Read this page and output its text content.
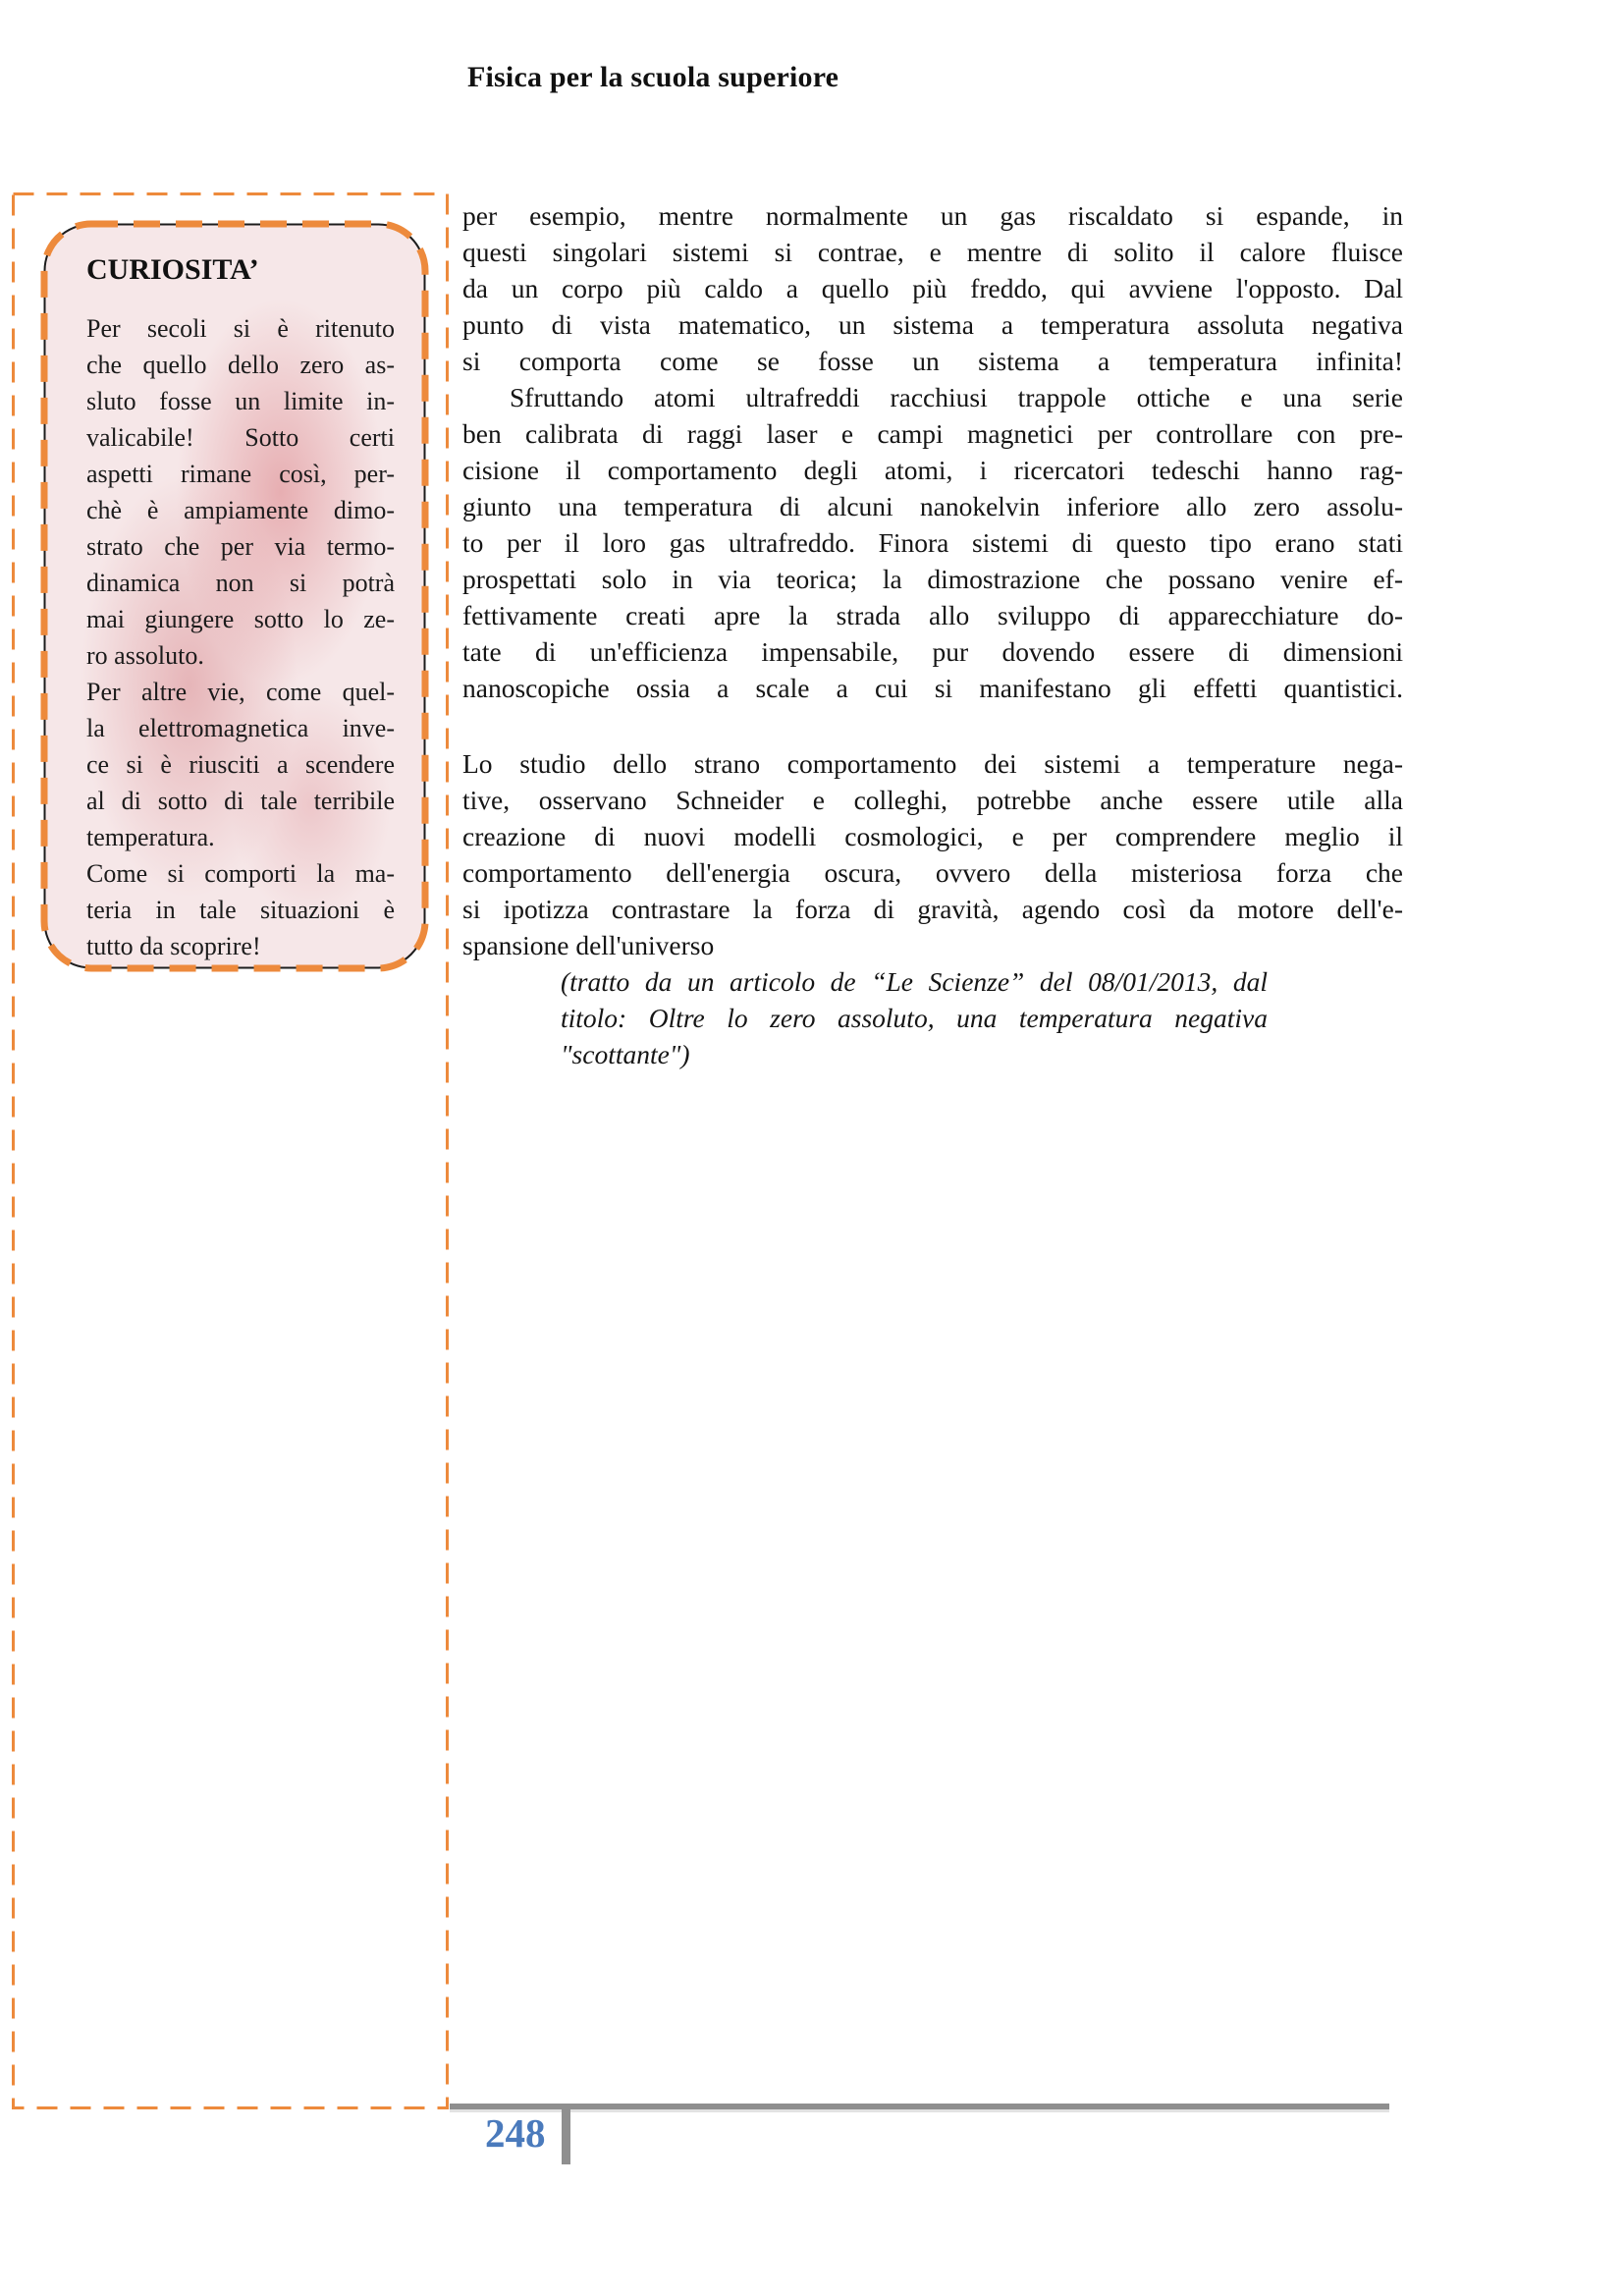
Fisica per la scuola superiore
CURIOSITA’
Per secoli si è ritenuto
che quello dello zero as-
sluto fosse un limite in-
valicabile! Sotto certi
aspetti rimane così, per-
chè è ampiamente dimo-
strato che per via termo-
dinamica non si potrà
mai giungere sotto lo ze-
ro assoluto.
Per altre vie, come quel-
la elettromagnetica inve-
ce si è riusciti a scendere
al di sotto di tale terribile
temperatura.
Come si comporti la ma-
teria in tale situazioni è
tutto da scoprire!
per esempio, mentre normalmente un gas riscaldato si espande, in
questi singolari sistemi si contrae, e mentre di solito il calore fluisce
da un corpo più caldo a quello più freddo, qui avviene l'opposto. Dal
punto di vista matematico, un sistema a temperatura assoluta negativa
si comporta come se fosse un sistema a temperatura infinita!
Sfruttando atomi ultrafreddi racchiusi trappole ottiche e una serie
ben calibrata di raggi laser e campi magnetici per controllare con pre-
cisione il comportamento degli atomi, i ricercatori tedeschi hanno rag-
giunto una temperatura di alcuni nanokelvin inferiore allo zero assolu-
to per il loro gas ultrafreddo. Finora sistemi di questo tipo erano stati
prospettati solo in via teorica; la dimostrazione che possano venire ef-
fettivamente creati apre la strada allo sviluppo di apparecchiature do-
tate di un'efficienza impensabile, pur dovendo essere di dimensioni
nanoscopiche ossia a scale a cui si manifestano gli effetti quantistici.
Lo studio dello strano comportamento dei sistemi a temperature nega-
tive, osservano Schneider e colleghi, potrebbe anche essere utile alla
creazione di nuovi modelli cosmologici, e per comprendere meglio il
comportamento dell'energia oscura, ovvero della misteriosa forza che
si ipotizza contrastare la forza di gravità, agendo così da motore dell'e-
spansione dell'universo
(tratto da un articolo de “Le Scienze” del 08/01/2013, dal
titolo: Oltre lo zero assoluto, una temperatura negativa
"scottante")
248
